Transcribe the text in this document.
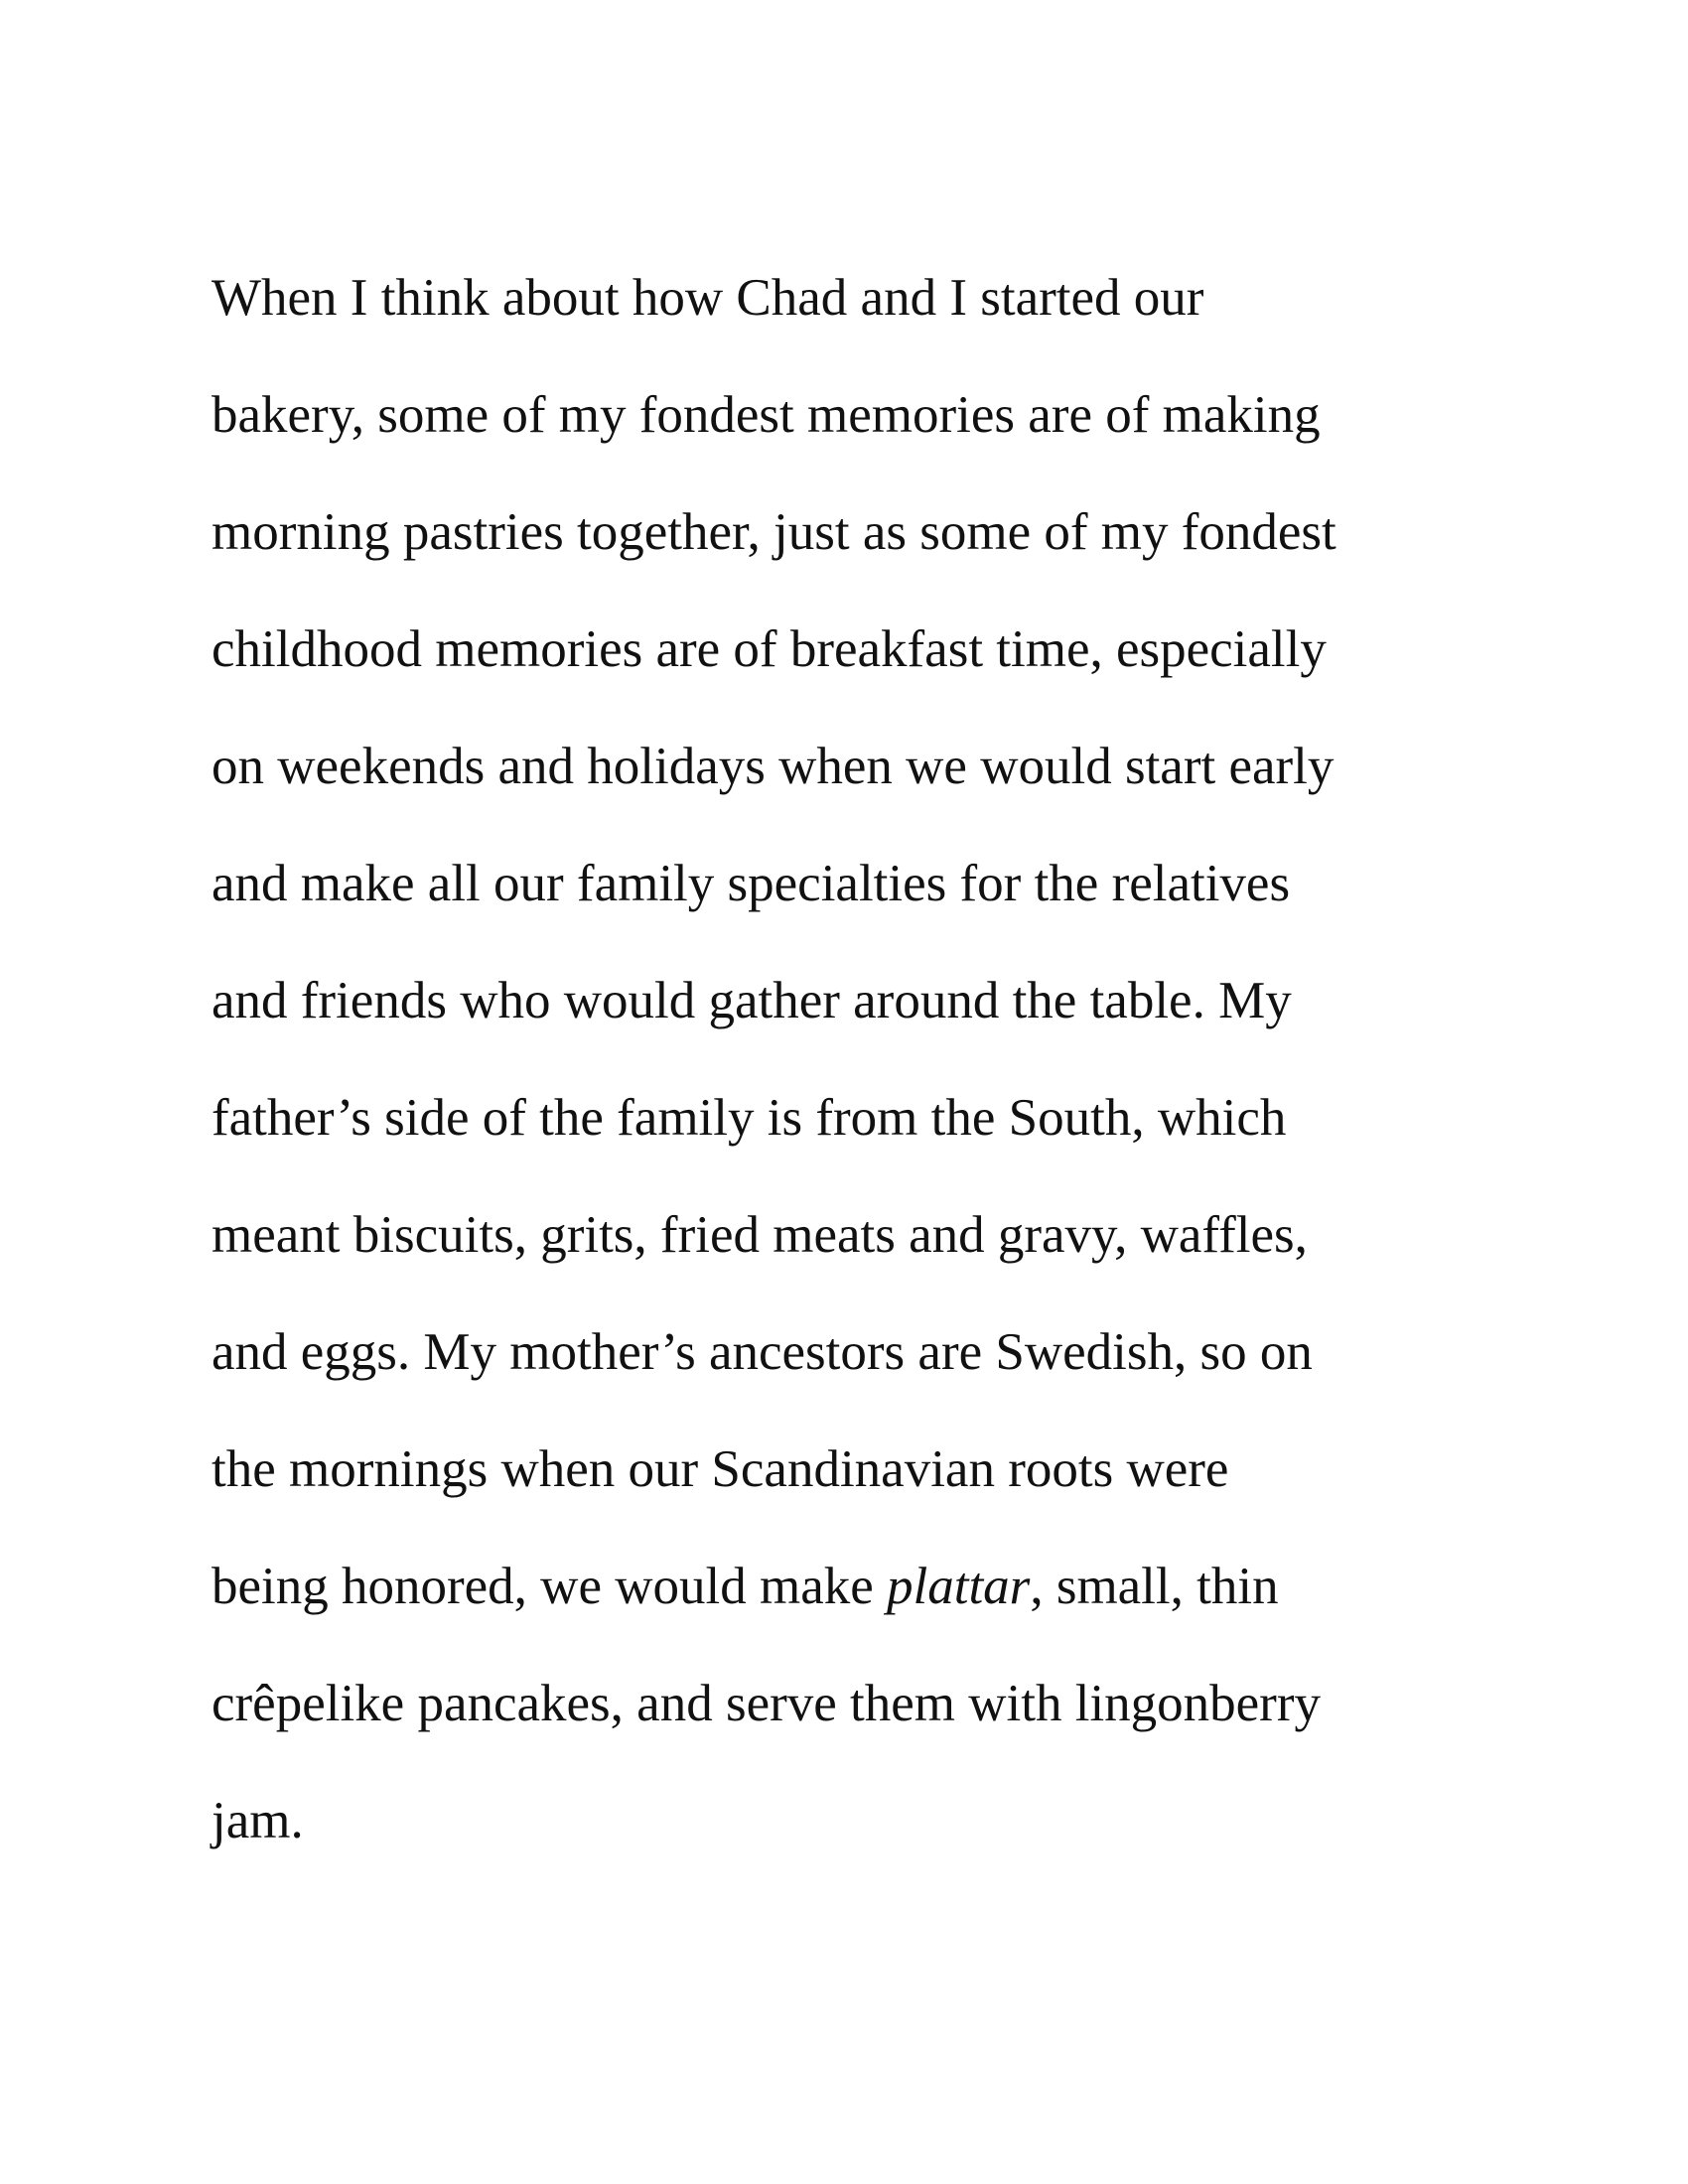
When I think about how Chad and I started our
bakery, some of my fondest memories are of making
morning pastries together, just as some of my fondest
childhood memories are of breakfast time, especially
on weekends and holidays when we would start early
and make all our family specialties for the relatives
and friends who would gather around the table. My
father’s side of the family is from the South, which
meant biscuits, grits, fried meats and gravy, waffles,
and eggs. My mother’s ancestors are Swedish, so on
the mornings when our Scandinavian roots were
being honored, we would make plattar, small, thin
crêpelike pancakes, and serve them with lingonberry
jam.
